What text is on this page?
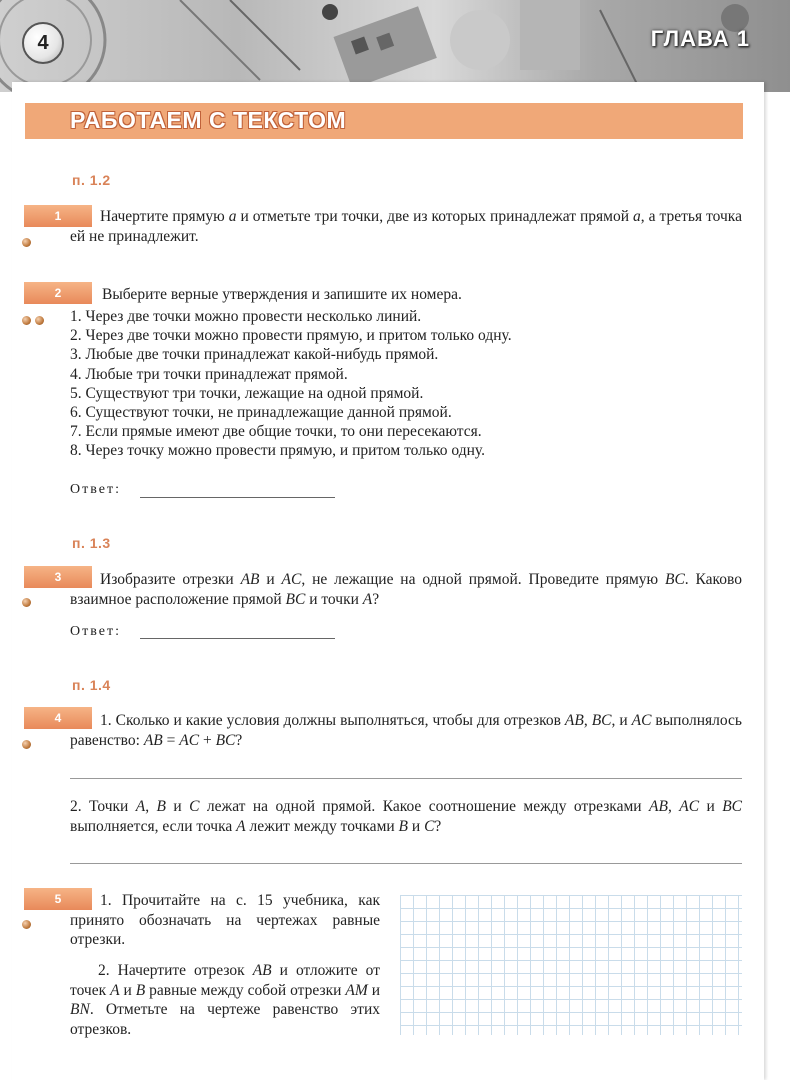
4	ГЛАВА 1
РАБОТАЕМ С ТЕКСТОМ
п. 1.2
1	Начертите прямую a и отметьте три точки, две из которых принадлежат прямой a, а третья точка ей не принадлежит.
2	Выберите верные утверждения и запишите их номера.
1. Через две точки можно провести несколько линий.
2. Через две точки можно провести прямую, и притом только одну.
3. Любые две точки принадлежат какой-нибудь прямой.
4. Любые три точки принадлежат прямой.
5. Существуют три точки, лежащие на одной прямой.
6. Существуют точки, не принадлежащие данной прямой.
7. Если прямые имеют две общие точки, то они пересекаются.
8. Через точку можно провести прямую, и притом только одну.
Ответ:
п. 1.3
3	Изобразите отрезки AB и AC, не лежащие на одной прямой. Проведите прямую BC. Каково взаимное расположение прямой BC и точки A?
Ответ:
п. 1.4
4	1. Сколько и какие условия должны выполняться, чтобы для отрезков AB, BC, и AC выполнялось равенство: AB = AC + BC?
2. Точки A, B и C лежат на одной прямой. Какое соотношение между отрезками AB, AC и BC выполняется, если точка A лежит между точками B и C?
5	1. Прочитайте на с. 15 учебника, как принято обозначать на чертежах равные отрезки.
2. Начертите отрезок AB и отложите от точек A и B равные между собой отрезки AM и BN. Отметьте на чертеже равенство этих отрезков.
